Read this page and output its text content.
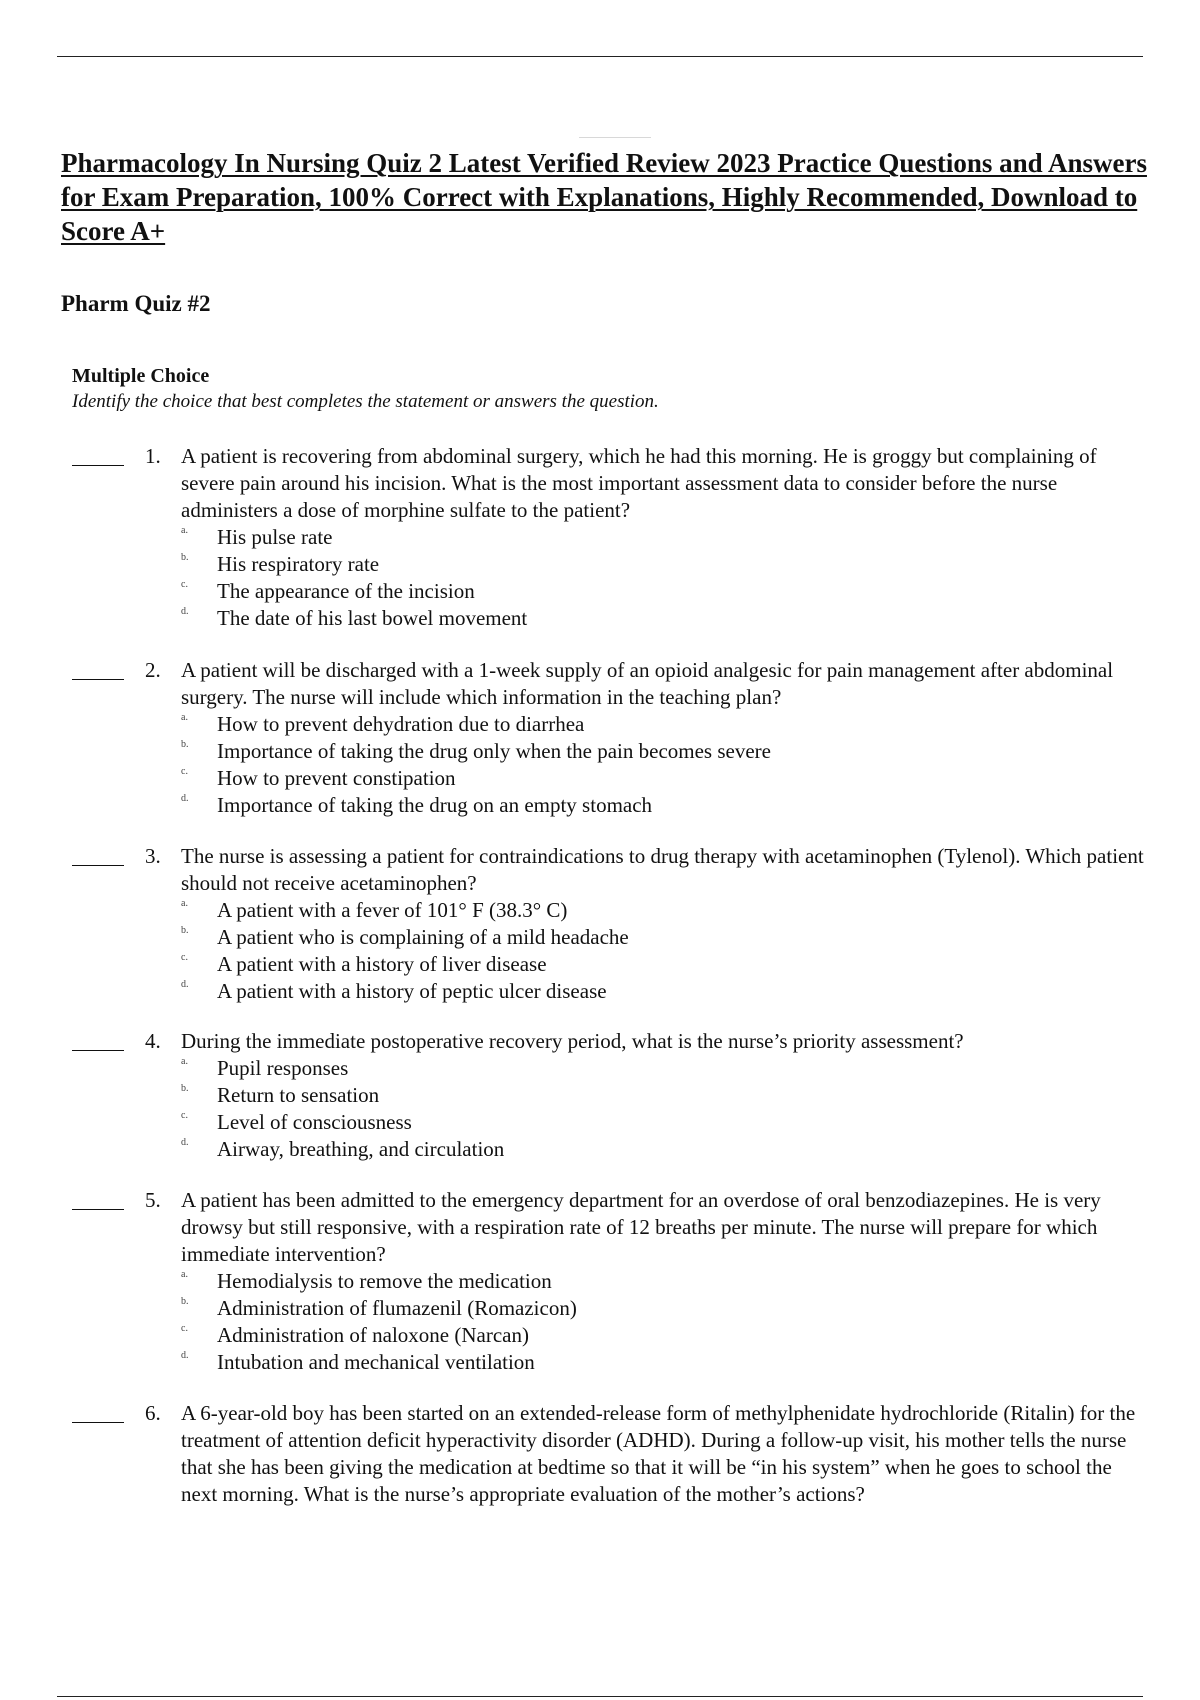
Pharmacology In Nursing Quiz 2 Latest Verified Review 2023 Practice Questions and Answers for Exam Preparation, 100% Correct with Explanations, Highly Recommended, Download to Score A+
Pharm Quiz #2
Multiple Choice
Identify the choice that best completes the statement or answers the question.
1. A patient is recovering from abdominal surgery, which he had this morning. He is groggy but complaining of severe pain around his incision. What is the most important assessment data to consider before the nurse administers a dose of morphine sulfate to the patient?
a. His pulse rate
b. His respiratory rate
c. The appearance of the incision
d. The date of his last bowel movement
2. A patient will be discharged with a 1-week supply of an opioid analgesic for pain management after abdominal surgery. The nurse will include which information in the teaching plan?
a. How to prevent dehydration due to diarrhea
b. Importance of taking the drug only when the pain becomes severe
c. How to prevent constipation
d. Importance of taking the drug on an empty stomach
3. The nurse is assessing a patient for contraindications to drug therapy with acetaminophen (Tylenol). Which patient should not receive acetaminophen?
a. A patient with a fever of 101° F (38.3° C)
b. A patient who is complaining of a mild headache
c. A patient with a history of liver disease
d. A patient with a history of peptic ulcer disease
4. During the immediate postoperative recovery period, what is the nurse’s priority assessment?
a. Pupil responses
b. Return to sensation
c. Level of consciousness
d. Airway, breathing, and circulation
5. A patient has been admitted to the emergency department for an overdose of oral benzodiazepines. He is very drowsy but still responsive, with a respiration rate of 12 breaths per minute. The nurse will prepare for which immediate intervention?
a. Hemodialysis to remove the medication
b. Administration of flumazenil (Romazicon)
c. Administration of naloxone (Narcan)
d. Intubation and mechanical ventilation
6. A 6-year-old boy has been started on an extended-release form of methylphenidate hydrochloride (Ritalin) for the treatment of attention deficit hyperactivity disorder (ADHD). During a follow-up visit, his mother tells the nurse that she has been giving the medication at bedtime so that it will be “in his system” when he goes to school the next morning. What is the nurse’s appropriate evaluation of the mother’s actions?
